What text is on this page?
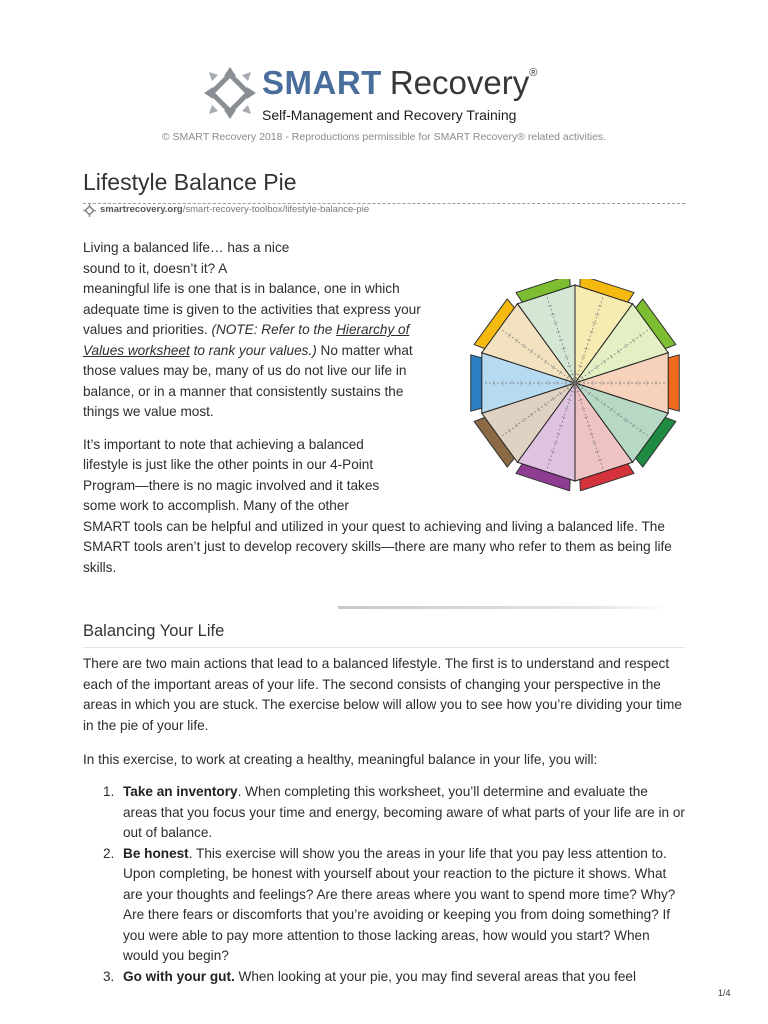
SMART Recovery®
Self-Management and Recovery Training
© SMART Recovery 2018 - Reproductions permissible for SMART Recovery® related activities.
Lifestyle Balance Pie
smartrecovery.org/smart-recovery-toolbox/lifestyle-balance-pie

Living a balanced life… has a nice
sound to it, doesn’t it? A
meaningful life is one that is in balance, one in which adequate time is given to the activities that express your values and priorities. (NOTE: Refer to the Hierarchy of Values worksheet to rank your values.) No matter what those values may be, many of us do not live our life in balance, or in a manner that consistently sustains the things we value most.

It’s important to note that achieving a balanced lifestyle is just like the other points in our 4-Point Program—there is no magic involved and it takes some work to accomplish. Many of the other

SMART tools can be helpful and utilized in your quest to achieving and living a balanced life. The SMART tools aren’t just to develop recovery skills—there are many who refer to them as being life skills.

Balancing Your Life

There are two main actions that lead to a balanced lifestyle. The first is to understand and respect each of the important areas of your life. The second consists of changing your perspective in the areas in which you are stuck. The exercise below will allow you to see how you’re dividing your time in the pie of your life.

In this exercise, to work at creating a healthy, meaningful balance in your life, you will:

1. Take an inventory. When completing this worksheet, you’ll determine and evaluate the areas that you focus your time and energy, becoming aware of what parts of your life are in or out of balance.
2. Be honest. This exercise will show you the areas in your life that you pay less attention to. Upon completing, be honest with yourself about your reaction to the picture it shows. What are your thoughts and feelings? Are there areas where you want to spend more time? Why? Are there fears or discomforts that you’re avoiding or keeping you from doing something? If you were able to pay more attention to those lacking areas, how would you start? When would you begin?
3. Go with your gut. When looking at your pie, you may find several areas that you feel
1/4
